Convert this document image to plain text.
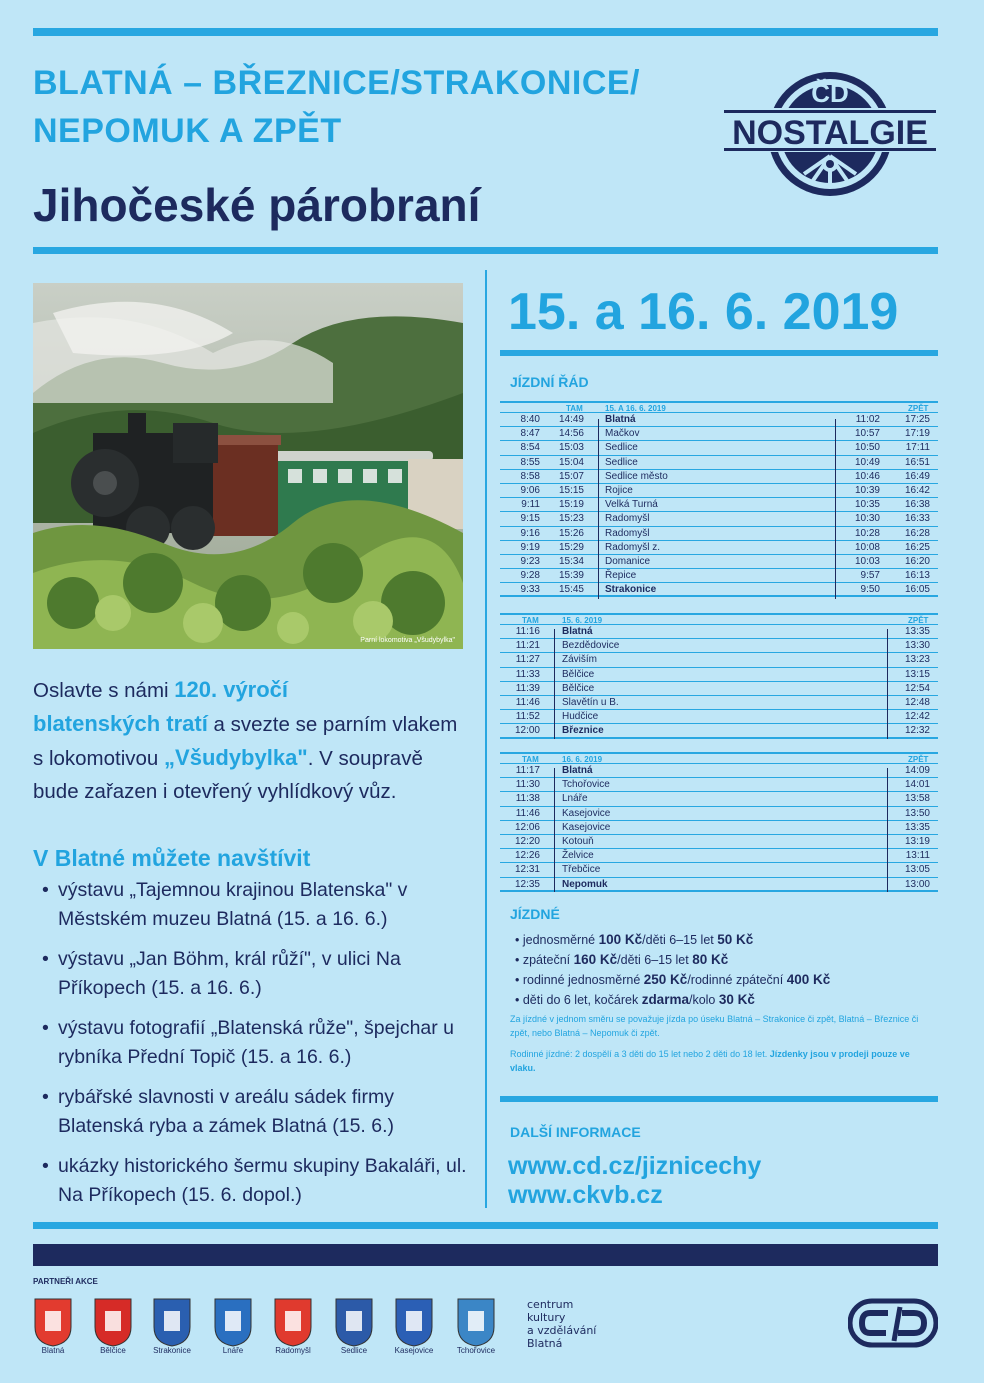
BLATNÁ – BŘEZNICE/STRAKONICE/
NEPOMUK A ZPĚT
Jihočeské párobraní
ČD
NOSTALGIE
Parní lokomotiva „Všudybylka"
Oslavte s námi 120. výročí
blatenských tratí a svezte se parním vlakem s lokomotivou „Všudybylka". V soupravě bude zařazen i otevřený vyhlídkový vůz.
V Blatné můžete navštívit
• výstavu „Tajemnou krajinou Blatenska" v Městském muzeu Blatná (15. a 16. 6.)
• výstavu „Jan Böhm, král růží", v ulici Na Příkopech (15. a 16. 6.)
• výstavu fotografií „Blatenská růže", špejchar u rybníka Přední Topič (15. a 16. 6.)
• rybářské slavnosti v areálu sádek firmy Blatenská ryba a zámek Blatná (15. 6.)
• ukázky historického šermu skupiny Bakaláři, ul. Na Příkopech (15. 6. dopol.)
15. a 16. 6. 2019
JÍZDNÍ ŘÁD
TAM	15. A 16. 6. 2019	ZPĚT
8:40	14:49 Blatná	11:02	17:25
8:47	14:56 Mačkov	10:57	17:19
8:54	15:03 Sedlice	10:50	17:11
8:55	15:04 Sedlice	10:49	16:51
8:58	15:07 Sedlice město	10:46	16:49
9:06	15:15 Rojice	10:39	16:42
9:11	15:19 Velká Turná	10:35	16:38
9:15	15:23 Radomyšl	10:30	16:33
9:16	15:26 Radomyšl	10:28	16:28
9:19	15:29 Radomyšl z.	10:08	16:25
9:23	15:34 Domanice	10:03	16:20
9:28	15:39 Řepice	9:57	16:13
9:33	15:45 Strakonice	9:50	16:05
TAM	15. 6. 2019	ZPĚT
11:16 Blatná	13:35
11:21 Bezdědovice	13:30
11:27 Záviším	13:23
11:33 Bělčice	13:15
11:39 Bělčice	12:54
11:46 Slavětín u B.	12:48
11:52 Hudčice	12:42
12:00 Březnice	12:32
TAM	16. 6. 2019	ZPĚT
11:17 Blatná	14:09
11:30 Tchořovice	14:01
11:38 Lnáře	13:58
11:46 Kasejovice	13:50
12:06 Kasejovice	13:35
12:20 Kotouň	13:19
12:26 Želvice	13:11
12:31 Třebčice	13:05
12:35 Nepomuk	13:00
JÍZDNÉ
• jednosměrné 100 Kč/děti 6–15 let 50 Kč
• zpáteční 160 Kč/děti 6–15 let 80 Kč
• rodinné jednosměrné 250 Kč/rodinné zpáteční 400 Kč
• děti do 6 let, kočárek zdarma/kolo 30 Kč
Za jízdné v jednom směru se považuje jízda po úseku Blatná – Strakonice či zpět, Blatná – Březnice či zpět, nebo Blatná – Nepomuk či zpět.
Rodinné jízdné: 2 dospělí a 3 děti do 15 let nebo 2 děti do 18 let. Jízdenky jsou v prodeji pouze ve vlaku.
DALŠÍ INFORMACE
www.cd.cz/jiznicechy
www.ckvb.cz
PARTNEŘI AKCE
Blatná	Bělčice	Strakonice	Lnáře	Radomyšl	Sedlice	Kasejovice	Tchořovice
centrum
kultury
a vzdělávání
Blatná
